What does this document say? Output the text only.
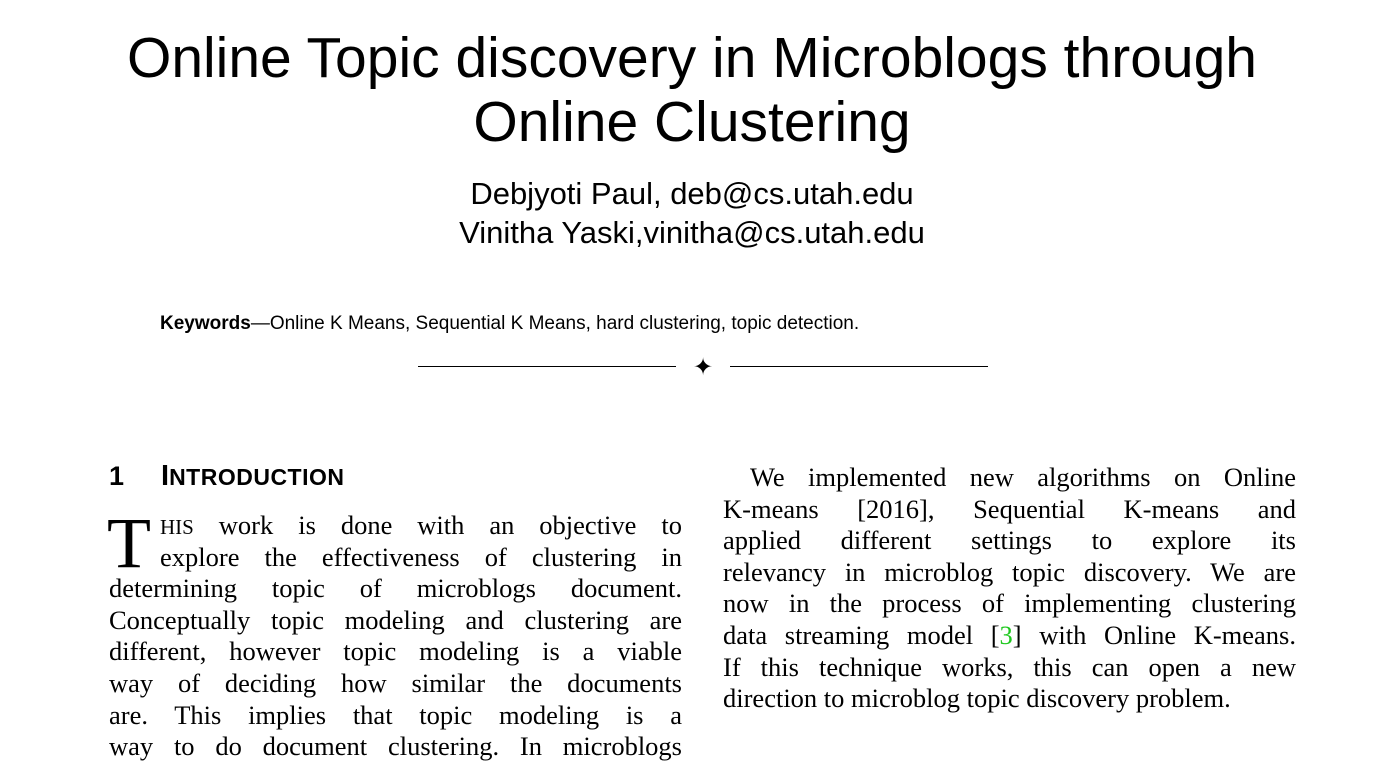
Online Topic discovery in Microblogs through
Online Clustering
Debjyoti Paul, deb@cs.utah.edu
Vinitha Yaski,vinitha@cs.utah.edu
Keywords—Online K Means, Sequential K Means, hard clustering, topic detection.
✦
1	INTRODUCTION
T HIS work is done with an objective to
explore the effectiveness of clustering in
determining topic of microblogs document.
Conceptually topic modeling and clustering are
different, however topic modeling is a viable
way of deciding how similar the documents
are. This implies that topic modeling is a
way to do document clustering. In microblogs
We implemented new algorithms on Online
K-means [2016], Sequential K-means and
applied different settings to explore its
relevancy in microblog topic discovery. We are
now in the process of implementing clustering
data streaming model [3] with Online K-means.
If this technique works, this can open a new
direction to microblog topic discovery problem.
